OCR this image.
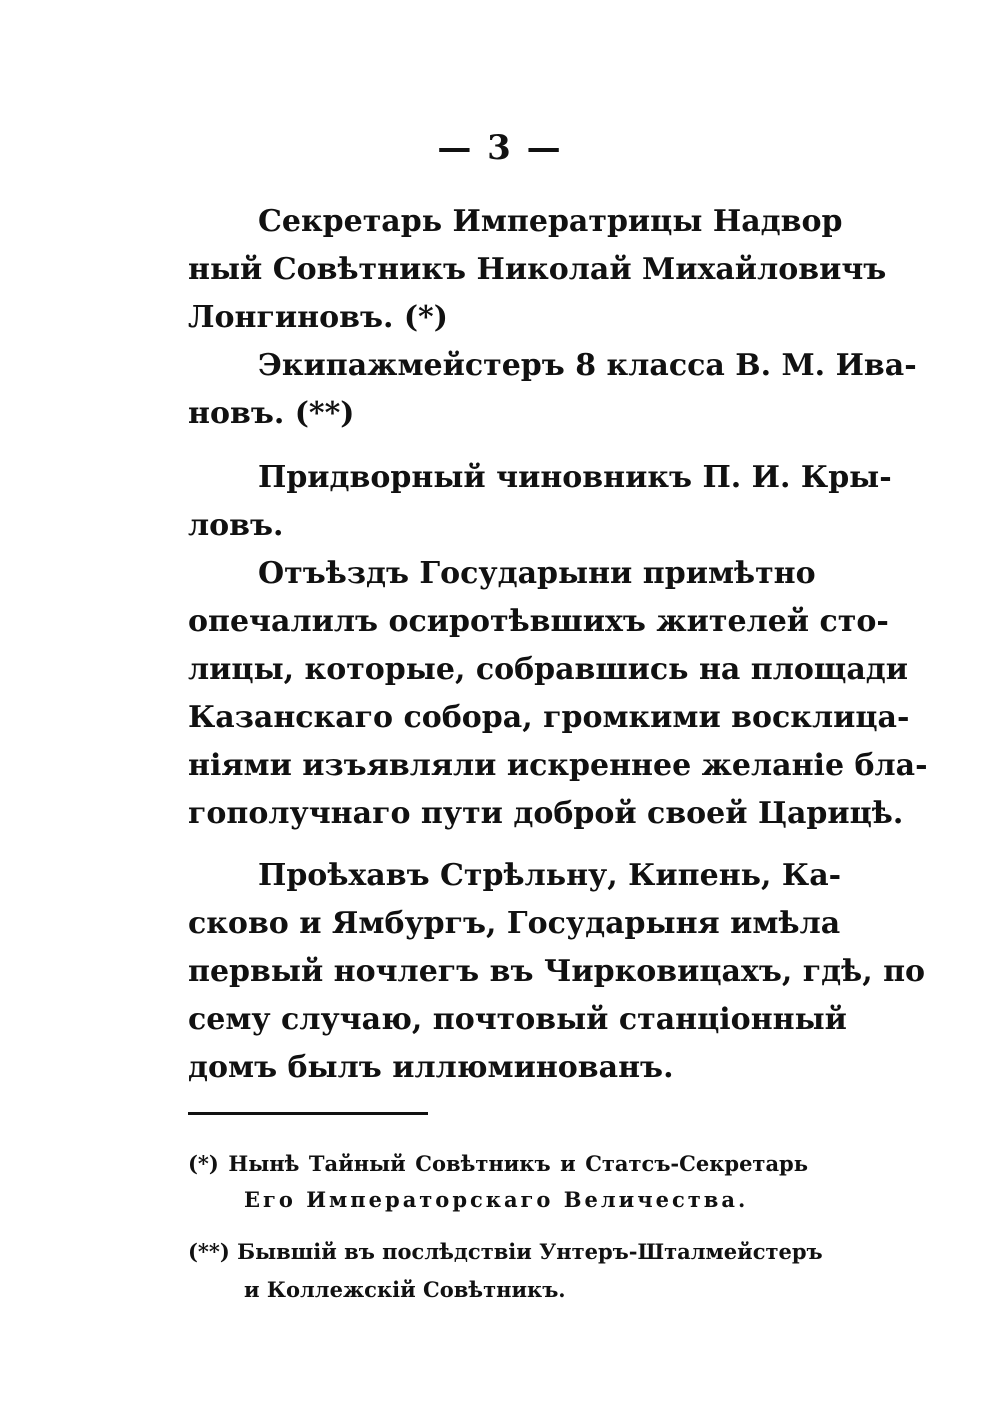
— 3 —
Секретарь Императрицы Надвор
ный Совѣтникъ Николай Михайловичъ
Лонгиновъ. (*)
Экипажмейстеръ 8 класса В. М. Ива-
новъ. (**)
Придворный чиновникъ П. И. Кры-
ловъ.
Отъѣздъ Государыни примѣтно
опечалилъ осиротѣвшихъ жителей сто-
лицы, которые, собравшись на площади
Казанскаго собора, громкими восклица-
ніями изъявляли искреннее желаніе бла-
гополучнаго пути доброй своей Царицѣ.
Проѣхавъ Стрѣльну, Кипень, Ка-
сково и Ямбургъ, Государыня имѣла
первый ночлегъ въ Чирковицахъ, гдѣ, по
сему случаю, почтовый станціонный
домъ былъ иллюминованъ.
(*) Нынѣ Тайный Совѣтникъ и Статсъ-Секретарь
Его Императорскаго Величества.
(**) Бывшій въ послѣдствіи Унтеръ-Шталмейстеръ
и Коллежскій Совѣтникъ.
